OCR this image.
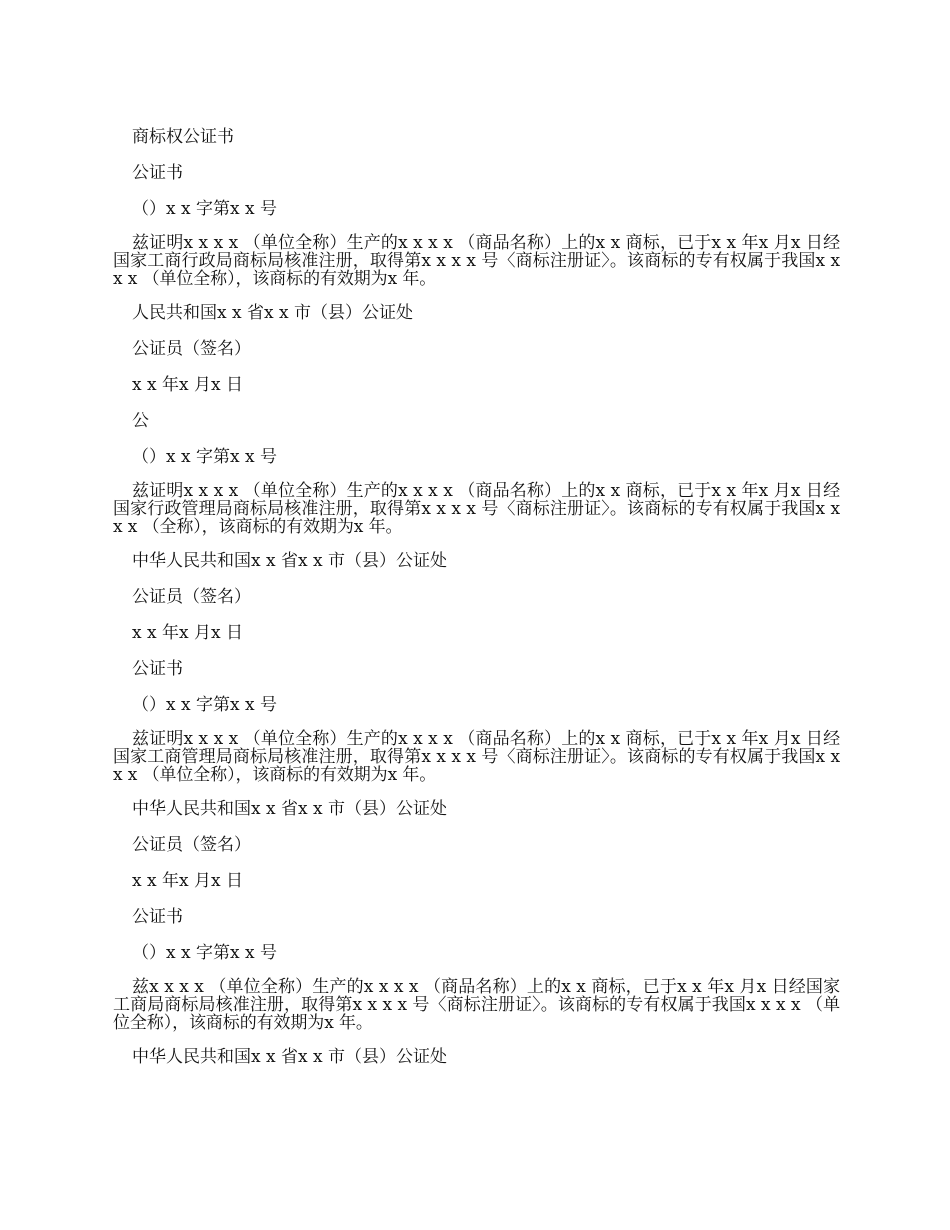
商标权公证书

公证书

（）x x 字第x x 号

兹证明x x x x （单位全称）生产的x x x x （商品名称）上的x x 商标，已于x x 年x 月x 日经国家工商行政局商标局核准注册，取得第x x x x 号〈商标注册证〉。该商标的专有权属于我国x x x x （单位全称），该商标的有效期为x 年。

人民共和国x x 省x x 市（县）公证处

公证员（签名）

x x 年x 月x 日

公

（）x x 字第x x 号

兹证明x x x x （单位全称）生产的x x x x （商品名称）上的x x 商标，已于x x 年x 月x 日经国家行政管理局商标局核准注册，取得第x x x x 号〈商标注册证〉。该商标的专有权属于我国x x x x （全称），该商标的有效期为x 年。

中华人民共和国x x 省x x 市（县）公证处

公证员（签名）

x x 年x 月x 日

公证书

（）x x 字第x x 号

兹证明x x x x （单位全称）生产的x x x x （商品名称）上的x x 商标，已于x x 年x 月x 日经国家工商管理局商标局核准注册，取得第x x x x 号〈商标注册证〉。该商标的专有权属于我国x x x x （单位全称），该商标的有效期为x 年。

中华人民共和国x x 省x x 市（县）公证处

公证员（签名）

x x 年x 月x 日

公证书

（）x x 字第x x 号

兹x x x x （单位全称）生产的x x x x （商品名称）上的x x 商标，已于x x 年x 月x 日经国家工商局商标局核准注册，取得第x x x x 号〈商标注册证〉。该商标的专有权属于我国x x x x （单位全称），该商标的有效期为x 年。

中华人民共和国x x 省x x 市（县）公证处
